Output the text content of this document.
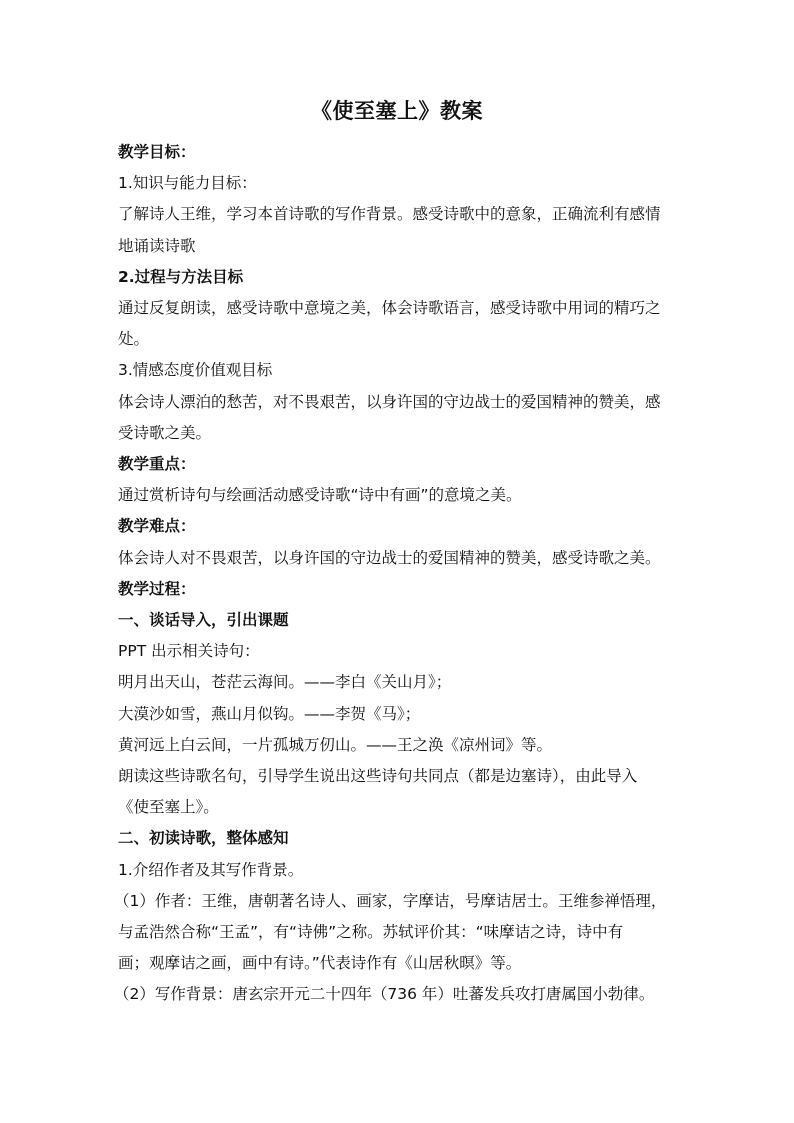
《使至塞上》教案
教学目标：
1.知识与能力目标：
了解诗人王维，学习本首诗歌的写作背景。感受诗歌中的意象，正确流利有感情
地诵读诗歌
2.过程与方法目标
通过反复朗读，感受诗歌中意境之美，体会诗歌语言，感受诗歌中用词的精巧之
处。
3.情感态度价值观目标
体会诗人漂泊的愁苦，对不畏艰苦，以身许国的守边战士的爱国精神的赞美，感
受诗歌之美。
教学重点：
通过赏析诗句与绘画活动感受诗歌“诗中有画”的意境之美。
教学难点：
体会诗人对不畏艰苦，以身许国的守边战士的爱国精神的赞美，感受诗歌之美。
教学过程：
一、谈话导入，引出课题
PPT 出示相关诗句：
明月出天山，苍茫云海间。——李白《关山月》；
大漠沙如雪，燕山月似钩。——李贺《马》；
黄河远上白云间，一片孤城万仞山。——王之涣《凉州词》等。
朗读这些诗歌名句，引导学生说出这些诗句共同点（都是边塞诗），由此导入
《使至塞上》。
二、初读诗歌，整体感知
1.介绍作者及其写作背景。
（1）作者：王维，唐朝著名诗人、画家，字摩诘，号摩诘居士。王维参禅悟理，
与孟浩然合称“王孟”，有“诗佛”之称。苏轼评价其：“味摩诘之诗，诗中有
画；观摩诘之画，画中有诗。”代表诗作有《山居秋暝》等。
（2）写作背景：唐玄宗开元二十四年（736 年）吐蕃发兵攻打唐属国小勃律。
